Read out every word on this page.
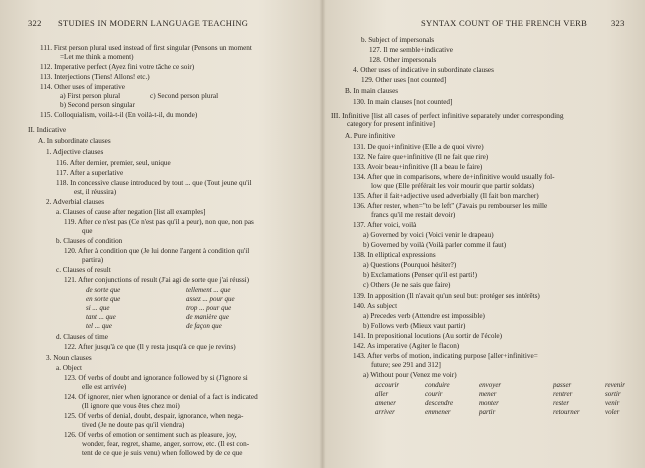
322 STUDIES IN MODERN LANGUAGE TEACHING
111. First person plural used instead of first singular (Pensons un moment
=Let me think a moment)
112. Imperative perfect (Ayez fini votre tâche ce soir)
113. Interjections (Tiens! Allons! etc.)
114. Other uses of imperative
a) First person plural	c) Second person plural
b) Second person singular
115. Colloquialism, voilà-t-il (En voilà-t-il, du monde)
II. Indicative
A. In subordinate clauses
1. Adjective clauses
116. After dernier, premier, seul, unique
117. After a superlative
118. In concessive clause introduced by tout ... que (Tout jeune qu'il
est, il réussira)
2. Adverbial clauses
a. Clauses of cause after negation [list all examples]
119. After ce n'est pas (Ce n'est pas qu'il a peur), non que, non pas
que
b. Clauses of condition
120. After à condition que (Je lui donne l'argent à condition qu'il
partira)
c. Clauses of result
121. After conjunctions of result (J'ai agi de sorte que j'ai réussi)
de sorte que
en sorte que
si ... que
tant ... que
tel ... que
tellement ... que
assez ... pour que
trop ... pour que
de manière que
de façon que
d. Clauses of time
122. After jusqu'à ce que (Il y resta jusqu'à ce que je revins)
3. Noun clauses
a. Object
123. Of verbs of doubt and ignorance followed by si (J'ignore si
elle est arrivée)
124. Of ignorer, nier when ignorance or denial of a fact is indicated
(Il ignore que vous êtes chez moi)
125. Of verbs of denial, doubt, despair, ignorance, when nega-
tived (Je ne doute pas qu'il viendra)
126. Of verbs of emotion or sentiment such as pleasure, joy,
wonder, fear, regret, shame, anger, sorrow, etc. (Il est con-
tent de ce que je suis venu) when followed by de ce que
SYNTAX COUNT OF THE FRENCH VERB	323
b. Subject of impersonals
127. Il me semble+indicative
128. Other impersonals
4. Other uses of indicative in subordinate clauses
129. Other uses [not counted]
B. In main clauses
130. In main clauses [not counted]
III. Infinitive [list all cases of perfect infinitive separately under corresponding
category for present infinitive]
A. Pure infinitive
131. De quoi+infinitive (Elle a de quoi vivre)
132. Ne faire que+infinitive (Il ne fait que rire)
133. Avoir beau+infinitive (Il a beau le faire)
134. After que in comparisons, where de+infinitive would usually fol-
low que (Elle préférait les voir mourir que partir soldats)
135. After il fait+adjective used adverbially (Il fait bon marcher)
136. After rester, when="to be left" (J'avais pu rembourser les mille
francs qu'il me restait devoir)
137. After voici, voilà
a) Governed by voici (Voici venir le drapeau)
b) Governed by voilà (Voilà parler comme il faut)
138. In elliptical expressions
a) Questions (Pourquoi hésiter?)
b) Exclamations (Penser qu'il est parti!)
c) Others (Je ne sais que faire)
139. In apposition (Il n'avait qu'un seul but: protéger ses intérêts)
140. As subject
a) Precedes verb (Attendre est impossible)
b) Follows verb (Mieux vaut partir)
141. In prepositional locutions (Au sortir de l'école)
142. As imperative (Agiter le flacon)
143. After verbs of motion, indicating purpose [aller+infinitive=
future; see 291 and 312]
a) Without pour (Venez me voir)
accourir
aller
amener
arriver
conduire
courir
descendre
emmener
envoyer
mener
monter
partir
passer
rentrer
rester
retourner
revenir
sortir
venir
voler
